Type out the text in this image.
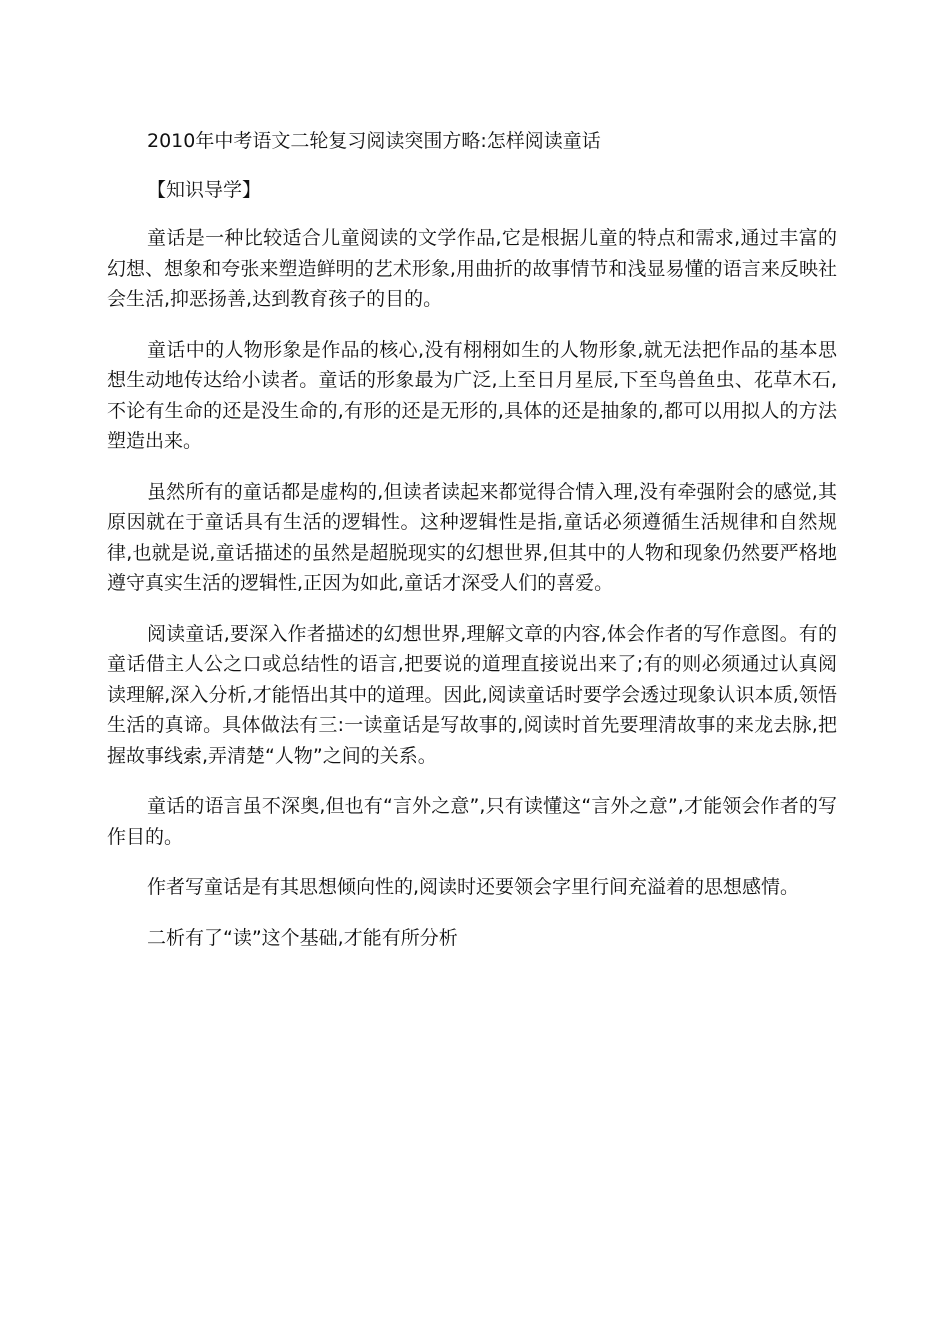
2010年中考语文二轮复习阅读突围方略:怎样阅读童话

【知识导学】

童话是一种比较适合儿童阅读的文学作品,它是根据儿童的特点和需求,通过丰富的幻想、想象和夸张来塑造鲜明的艺术形象,用曲折的故事情节和浅显易懂的语言来反映社会生活,抑恶扬善,达到教育孩子的目的。

童话中的人物形象是作品的核心,没有栩栩如生的人物形象,就无法把作品的基本思想生动地传达给小读者。童话的形象最为广泛,上至日月星辰,下至鸟兽鱼虫、花草木石,不论有生命的还是没生命的,有形的还是无形的,具体的还是抽象的,都可以用拟人的方法塑造出来。

虽然所有的童话都是虚构的,但读者读起来都觉得合情入理,没有牵强附会的感觉,其原因就在于童话具有生活的逻辑性。这种逻辑性是指,童话必须遵循生活规律和自然规律,也就是说,童话描述的虽然是超脱现实的幻想世界,但其中的人物和现象仍然要严格地遵守真实生活的逻辑性,正因为如此,童话才深受人们的喜爱。

阅读童话,要深入作者描述的幻想世界,理解文章的内容,体会作者的写作意图。有的童话借主人公之口或总结性的语言,把要说的道理直接说出来了;有的则必须通过认真阅读理解,深入分析,才能悟出其中的道理。因此,阅读童话时要学会透过现象认识本质,领悟生活的真谛。具体做法有三:一读童话是写故事的,阅读时首先要理清故事的来龙去脉,把握故事线索,弄清楚“人物”之间的关系。

童话的语言虽不深奥,但也有“言外之意”,只有读懂这“言外之意”,才能领会作者的写作目的。

作者写童话是有其思想倾向性的,阅读时还要领会字里行间充溢着的思想感情。

二析有了“读”这个基础,才能有所分析
